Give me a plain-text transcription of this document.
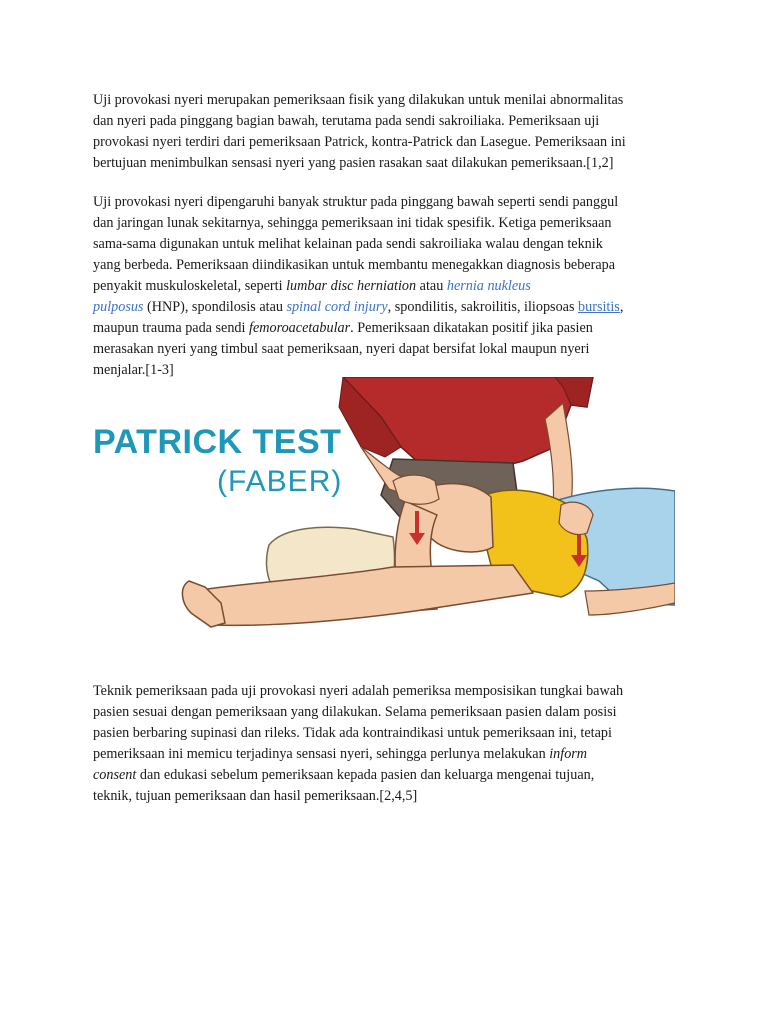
Uji provokasi nyeri merupakan pemeriksaan fisik yang dilakukan untuk menilai abnormalitas
dan nyeri pada pinggang bagian bawah, terutama pada sendi sakroiliaka. Pemeriksaan uji
provokasi nyeri terdiri dari pemeriksaan Patrick, kontra-Patrick dan Lasegue. Pemeriksaan ini
bertujuan menimbulkan sensasi nyeri yang pasien rasakan saat dilakukan pemeriksaan.[1,2]

Uji provokasi nyeri dipengaruhi banyak struktur pada pinggang bawah seperti sendi panggul
dan jaringan lunak sekitarnya, sehingga pemeriksaan ini tidak spesifik. Ketiga pemeriksaan
sama-sama digunakan untuk melihat kelainan pada sendi sakroiliaka walau dengan teknik
yang berbeda. Pemeriksaan diindikasikan untuk membantu menegakkan diagnosis beberapa
penyakit muskuloskeletal, seperti lumbar disc herniation atau hernia nukleus
pulposus (HNP), spondilosis atau spinal cord injury, spondilitis, sakroilitis, iliopsoas bursitis,
maupun trauma pada sendi femoroacetabular. Pemeriksaan dikatakan positif jika pasien
merasakan nyeri yang timbul saat pemeriksaan, nyeri dapat bersifat lokal maupun nyeri
menjalar.[1-3]

PATRICK TEST
(FABER)

Teknik pemeriksaan pada uji provokasi nyeri adalah pemeriksa memposisikan tungkai bawah
pasien sesuai dengan pemeriksaan yang dilakukan. Selama pemeriksaan pasien dalam posisi
pasien berbaring supinasi dan rileks. Tidak ada kontraindikasi untuk pemeriksaan ini, tetapi
pemeriksaan ini memicu terjadinya sensasi nyeri, sehingga perlunya melakukan inform
consent dan edukasi sebelum pemeriksaan kepada pasien dan keluarga mengenai tujuan,
teknik, tujuan pemeriksaan dan hasil pemeriksaan.[2,4,5]
